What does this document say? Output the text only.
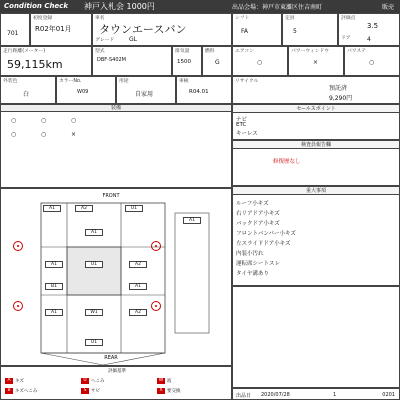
Condition Check 神戸入札会 1000円	出品会場：神戸市東灘区住吉南町	販売
701
初度登録
R02年01月
車名
タウンエースバン
グレード GL
シフト
FA
定員
5
評価点
3.5
ドア	4
走行距離(メーター)
59,115km
型式
DBF-S402M
排気量
1500
燃料
G
エアコン
○
パワーウィンドウ
×
パワステ
○
外装色
白
カラーNo.
W09
用途
自家用
車検
R04.01
リサイクル
預託済
9,290円
装備
○	○	○
○	○	×
FRONT
REAR
A1	A2	U1
A1
A1	A2
U1
B1	A1
A1	W1	A2
U1
A1
セールスポイント
ナビ
ETC
キーレス
検査員報告欄
修復歴なし
重大事項
ルーフ小キズ
右リアドア小キズ
バックドア小キズ
フロントバンパー小キズ
左スライドドア小キズ
内装小汚れ
運転席シートスレ
タイヤ溝あり
評価基準
A キズ	U へこみ	W 波
B キズへこみ	S	サビ	X 要交換
出品日 2020/07/28	1	0201
